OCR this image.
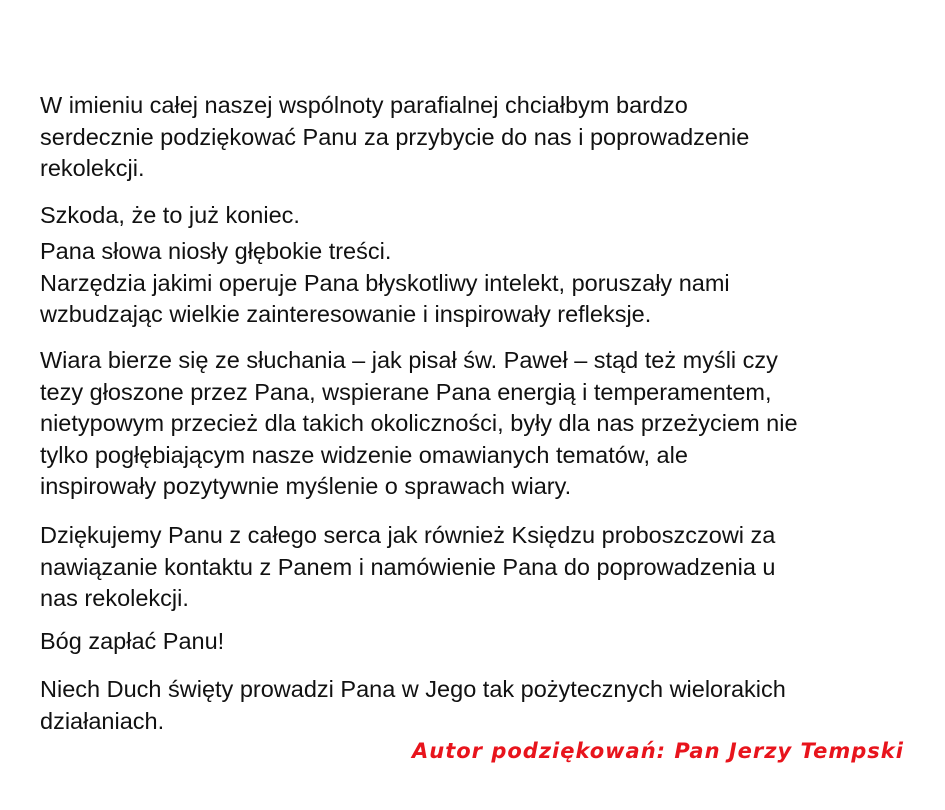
W imieniu całej naszej wspólnoty parafialnej chciałbym bardzo
serdecznie podziękować Panu za przybycie do nas i poprowadzenie
rekolekcji.
Szkoda, że to już koniec.
Pana słowa niosły głębokie treści.
Narzędzia jakimi operuje Pana błyskotliwy intelekt, poruszały nami
wzbudzając wielkie zainteresowanie i inspirowały refleksje.
Wiara bierze się ze słuchania – jak pisał św. Paweł – stąd też myśli czy
tezy głoszone przez Pana, wspierane Pana energią i temperamentem,
nietypowym przecież dla takich okoliczności, były dla nas przeżyciem nie
tylko pogłębiającym nasze widzenie omawianych tematów, ale
inspirowały pozytywnie myślenie o sprawach wiary.
Dziękujemy Panu z całego serca jak również Księdzu proboszczowi za
nawiązanie kontaktu z Panem i namówienie Pana do poprowadzenia u
nas rekolekcji.
Bóg zapłać Panu!
Niech Duch święty prowadzi Pana w Jego tak pożytecznych wielorakich
działaniach.
Autor podziękowań: Pan Jerzy Tempski
